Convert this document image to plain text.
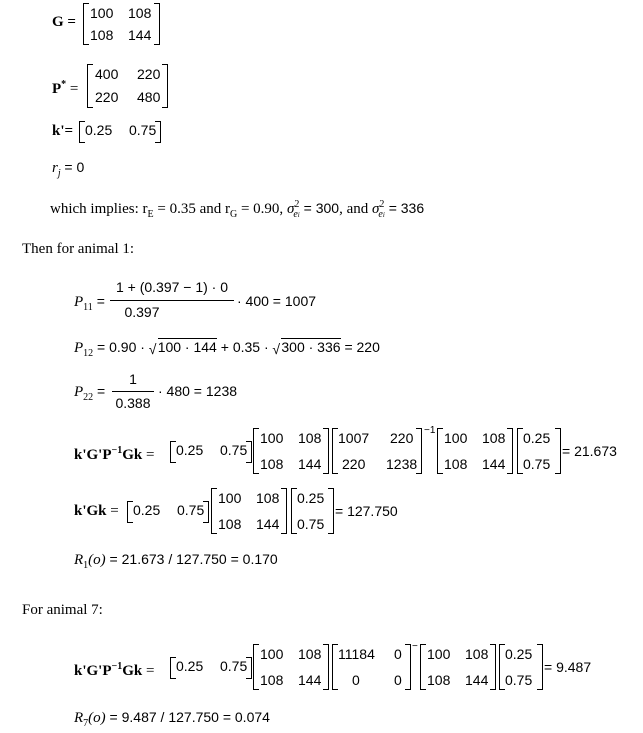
G =
100 108
108 144
P* =
400 220
220 480
k'= 0.25 0.75
$r_j = 0$
which implies: $r_E = 0.35$ and $r_G = 0.90$, $\sigma^2_{ei} = 300$, and $\sigma^2_{ei} = 336$
Then for animal 1:
$P_{11}$ =
1 + (0.397 − 1) · 0
0.397
· 400 = 1007
$P_{12} = 0.90$ · √ 100 · 144 + 0.35 · √ 300 · 336 = 220
$P_{22}$ =
1
0.388
· 480 = 1238
$k'G'P^{-1}Gk = 0.25$ 0.75
100 108
108 144
1007 220
220 1238
−1 100 108
108 144
0.25
0.75
= 21.673
k'Gk = 0.25 0.75
100 108
108 144
0.25
0.75
= 127.750
$R_1(o) = 21.673 / 127.750 = 0.170$
For animal 7:
$k'G'P^{-1}Gk = 0.25$ 0.75
100 108
108 144
11184 0
0 0
− 100 108
108 144
0.25
0.75
= 9.487
$R_7(o) = 9.487 / 127.750 = 0.074$
